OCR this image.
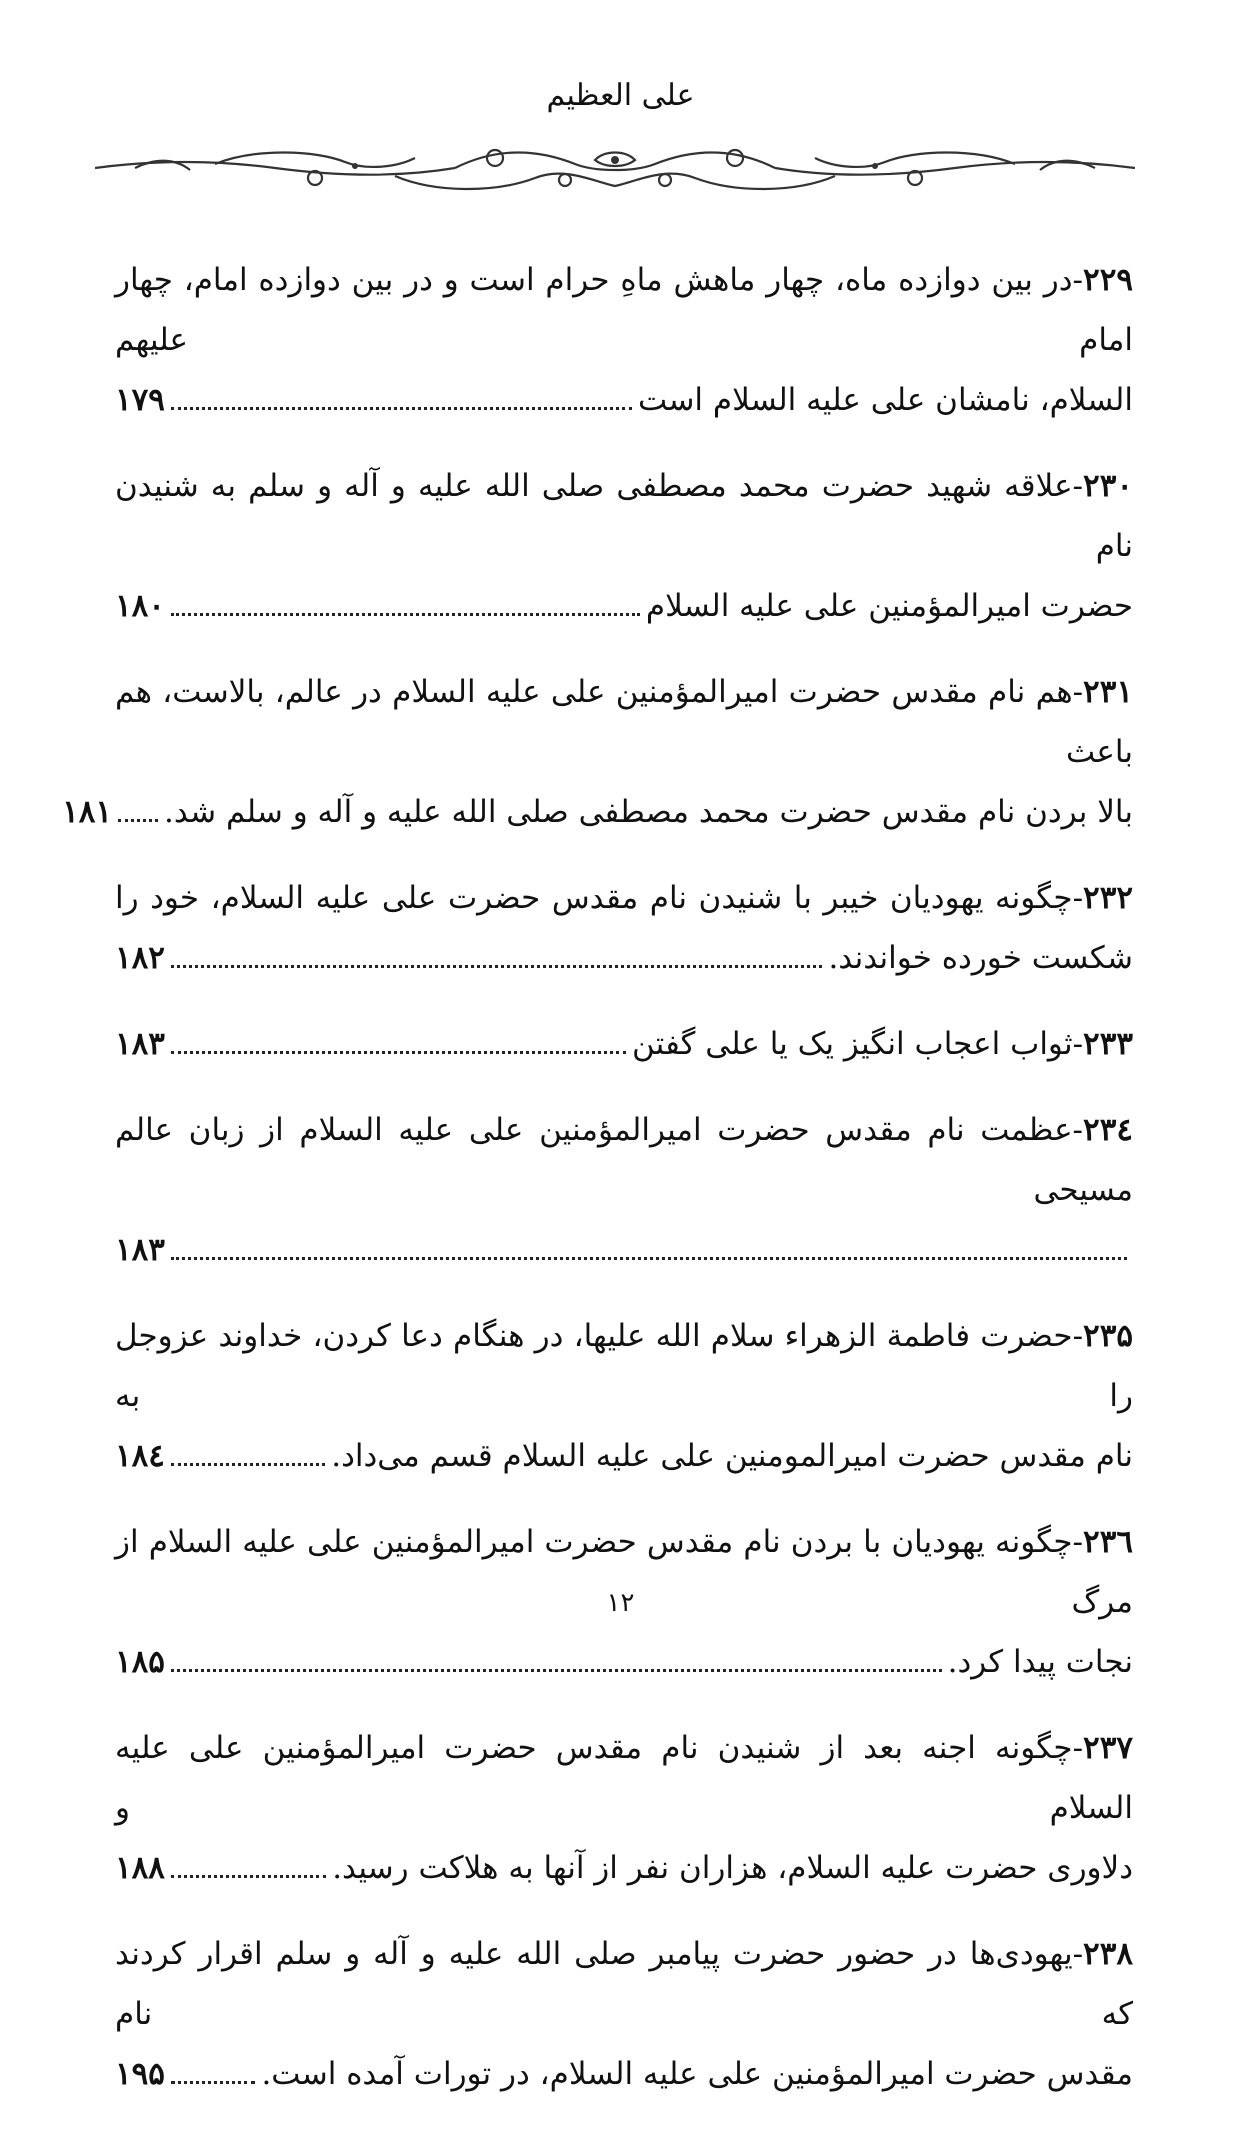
علی العظیم
۲۲۹-در بین دوازده ماه، چهار ماهش ماهِ حرام است و در بین دوازده امام، چهار امام علیهم
السلام، نامشان علی علیه السلام است
۱۷۹
۲۳۰-علاقه شهید حضرت محمد مصطفی صلی الله علیه و آله و سلم به شنیدن نام
حضرت امیرالمؤمنین علی علیه السلام
۱۸۰
۲۳۱-هم نام مقدس حضرت امیرالمؤمنین علی علیه السلام در عالم، بالاست، هم باعث
بالا بردن نام مقدس حضرت محمد مصطفی صلی الله علیه و آله و سلم شد.
۱۸۱
۲۳۲-چگونه یهودیان خیبر با شنیدن نام مقدس حضرت علی علیه السلام، خود را
شکست خورده خواندند.
۱۸۲
۲۳۳
-ثواب اعجاب انگیز یک یا علی گفتن
۱۸۳
۲۳٤-عظمت نام مقدس حضرت امیرالمؤمنین علی علیه السلام از زبان عالم مسیحی
۱۸۳
۲۳۵-حضرت فاطمة الزهراء سلام الله علیها، در هنگام دعا کردن، خداوند عزوجل را به
نام مقدس حضرت امیرالمومنین علی علیه السلام قسم می‌داد.
۱۸٤
۲۳٦-چگونه یهودیان با بردن نام مقدس حضرت امیرالمؤمنین علی علیه السلام از مرگ
نجات پیدا کرد.
۱۸۵
۲۳۷-چگونه اجنه بعد از شنیدن نام مقدس حضرت امیرالمؤمنین علی علیه السلام و
دلاوری حضرت علیه السلام، هزاران نفر از آنها به هلاکت رسید.
۱۸۸
۲۳۸-یهودی‌ها در حضور حضرت پیامبر صلی الله علیه و آله و سلم اقرار کردند که نام
مقدس حضرت امیرالمؤمنین علی علیه السلام، در تورات آمده است.
۱۹۵
۱۲
